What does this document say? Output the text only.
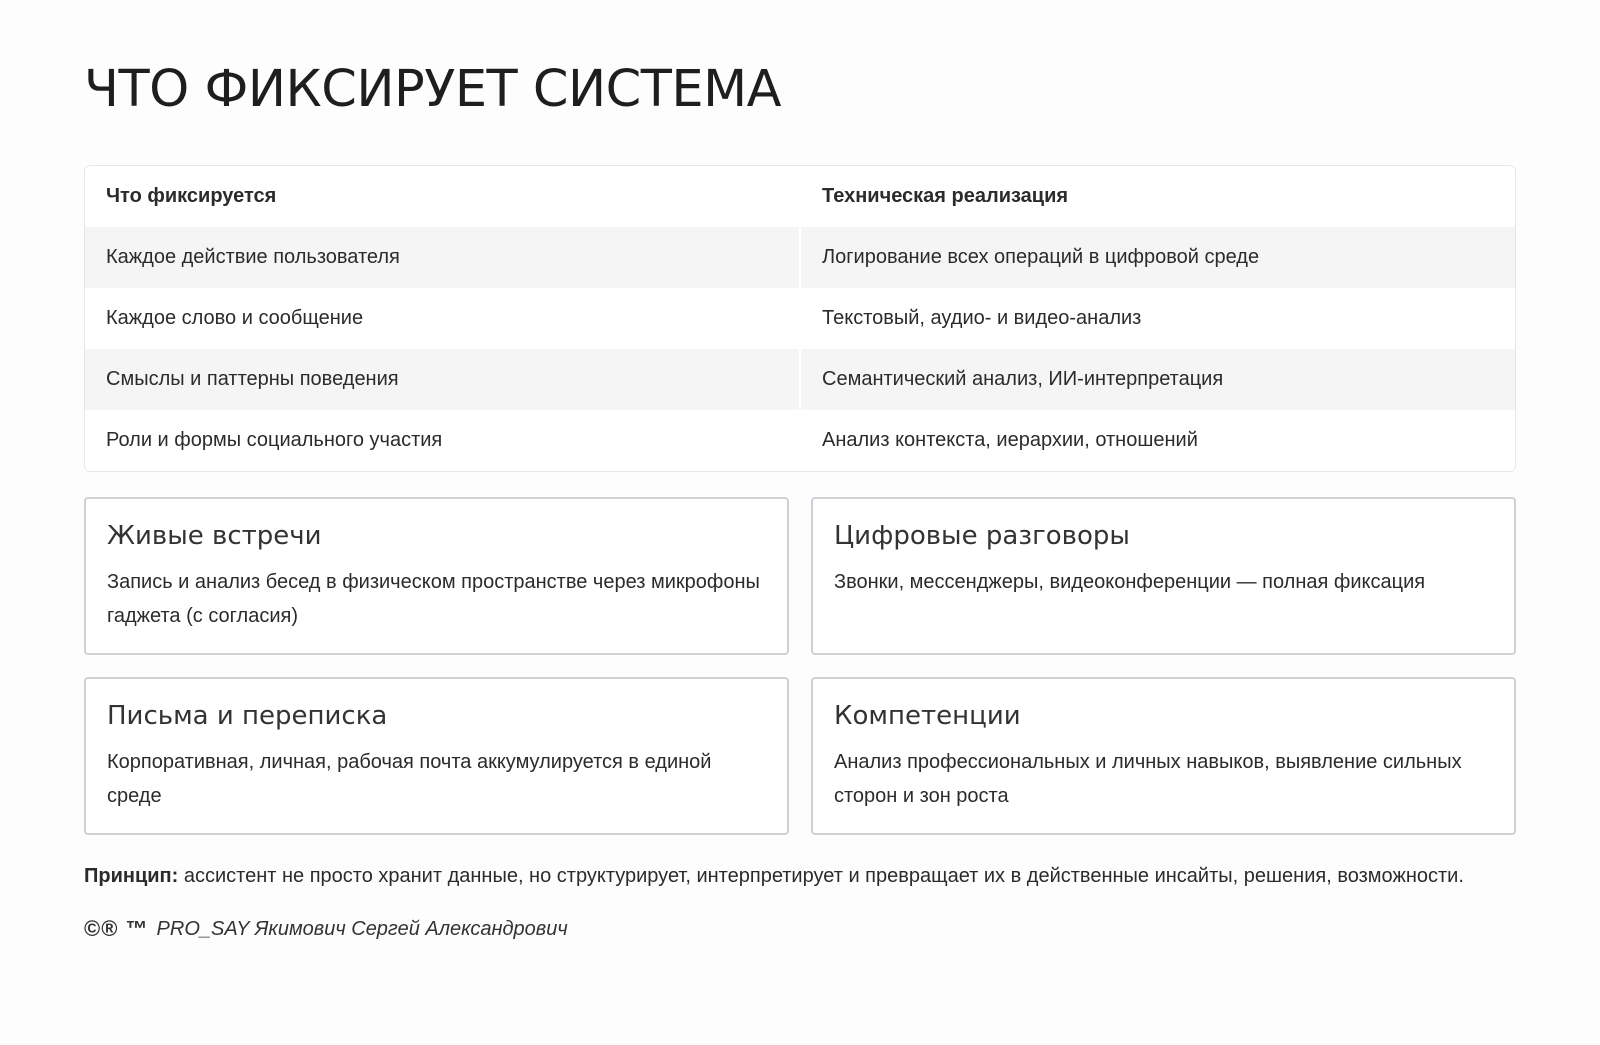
ЧТО ФИКСИРУЕТ СИСТЕМА
Что фиксируется	Техническая реализация
Каждое действие пользователя	Логирование всех операций в цифровой среде
Каждое слово и сообщение	Текстовый, аудио- и видео-анализ
Смыслы и паттерны поведения	Семантический анализ, ИИ-интерпретация
Роли и формы социального участия	Анализ контекста, иерархии, отношений
Живые встречи

Запись и анализ бесед в физическом пространстве через микрофоны гаджета (с согласия)

Цифровые разговоры

Звонки, мессенджеры, видеоконференции — полная фиксация

Письма и переписка

Корпоративная, личная, рабочая почта аккумулируется в единой среде

Компетенции

Анализ профессиональных и личных навыков, выявление сильных сторон и зон роста

Принцип: ассистент не просто хранит данные, но структурирует, интерпретирует и превращает их в действенные инсайты, решения, возможности.

©® ™ PRO_SAY Якимович Сергей Александрович
